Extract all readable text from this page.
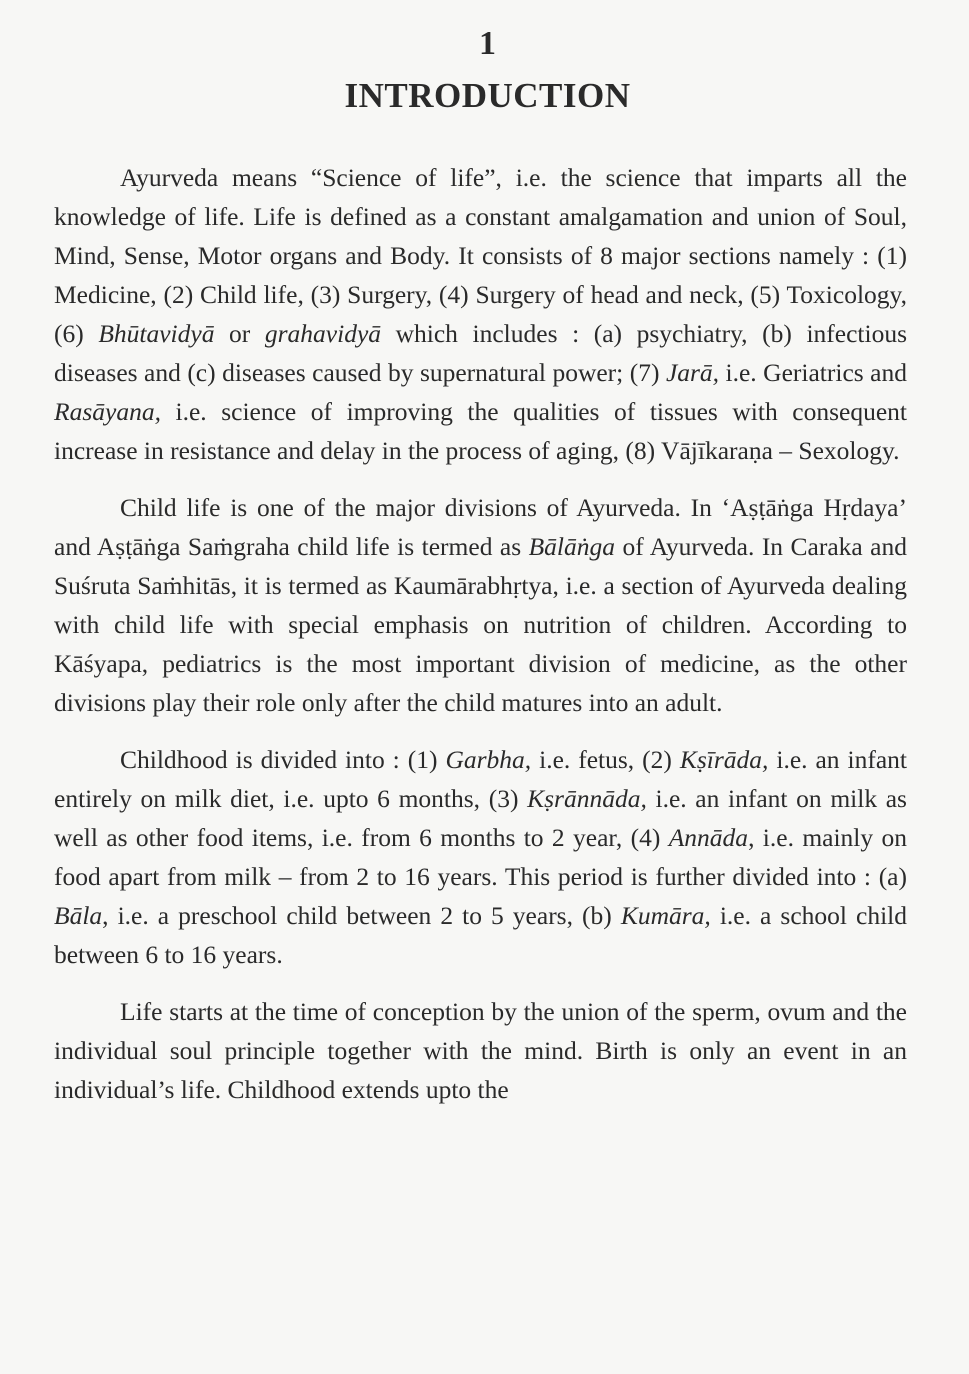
1
INTRODUCTION

Ayurveda means “Science of life”, i.e. the science that imparts all the knowledge of life. Life is defined as a constant amalgamation and union of Soul, Mind, Sense, Motor organs and Body. It consists of 8 major sections namely : (1) Medicine, (2) Child life, (3) Surgery, (4) Surgery of head and neck, (5) Toxicology, (6) Bhūtavidyā or grahavidyā which includes : (a) psychiatry, (b) infectious diseases and (c) diseases caused by supernatural power; (7) Jarā, i.e. Geriatrics and Rasāyana, i.e. science of improving the qualities of tissues with consequent increase in resistance and delay in the process of aging, (8) Vājīkaraṇa – Sexology.

Child life is one of the major divisions of Ayurveda. In ‘Aṣṭāṅga Hṛdaya’ and Aṣṭāṅga Saṁgraha child life is termed as Bālāṅga of Ayurveda. In Caraka and Suśruta Saṁhitās, it is termed as Kaumārabhṛtya, i.e. a section of Ayurveda dealing with child life with special emphasis on nutrition of children. According to Kāśyapa, pediatrics is the most important division of medicine, as the other divisions play their role only after the child matures into an adult.

Childhood is divided into : (1) Garbha, i.e. fetus, (2) Kṣīrāda, i.e. an infant entirely on milk diet, i.e. upto 6 months, (3) Kṣrānnāda, i.e. an infant on milk as well as other food items, i.e. from 6 months to 2 year, (4) Annāda, i.e. mainly on food apart from milk – from 2 to 16 years. This period is further divided into : (a) Bāla, i.e. a preschool child between 2 to 5 years, (b) Kumāra, i.e. a school child between 6 to 16 years.

Life starts at the time of conception by the union of the sperm, ovum and the individual soul principle together with the mind. Birth is only an event in an individual’s life. Childhood extends upto the
